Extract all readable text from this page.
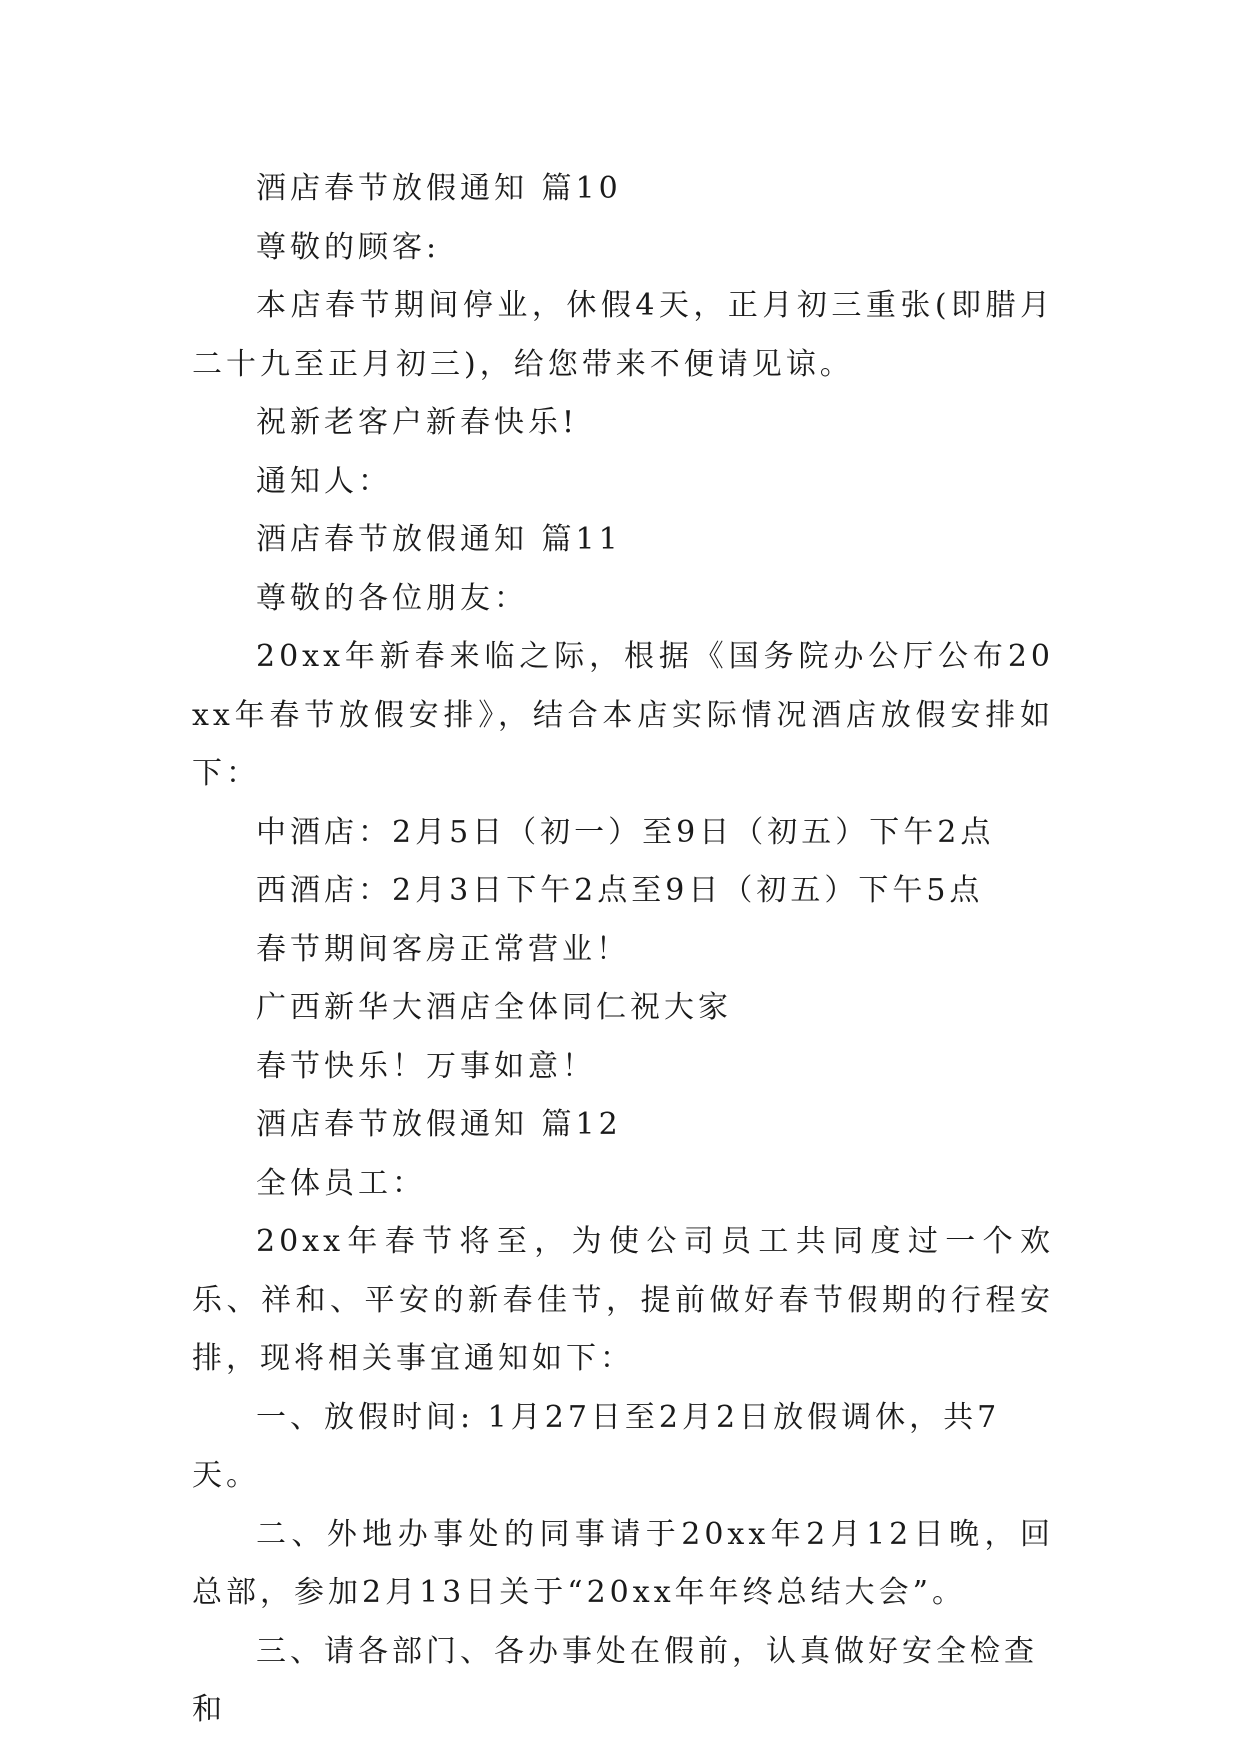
酒店春节放假通知 篇10

尊敬的顾客:

本店春节期间停业，休假4天，正月初三重张(即腊月二十九至正月初三)，给您带来不便请见谅。

祝新老客户新春快乐!

通知人：

酒店春节放假通知 篇11

尊敬的各位朋友：

20xx年新春来临之际，根据《国务院办公厅公布20xx年春节放假安排》，结合本店实际情况酒店放假安排如下：

中酒店：2月5日（初一）至9日（初五）下午2点

西酒店：2月3日下午2点至9日（初五）下午5点

春节期间客房正常营业！

广西新华大酒店全体同仁祝大家

春节快乐！万事如意！

酒店春节放假通知 篇12

全体员工：

20xx年春节将至，为使公司员工共同度过一个欢乐、祥和、平安的新春佳节，提前做好春节假期的行程安排，现将相关事宜通知如下：

一、放假时间: 1月27日至2月2日放假调休，共7天。

二、外地办事处的同事请于20xx年2月12日晚，回总部，参加2月13日关于“20xx年年终总结大会”。

三、请各部门、各办事处在假前，认真做好安全检查和
